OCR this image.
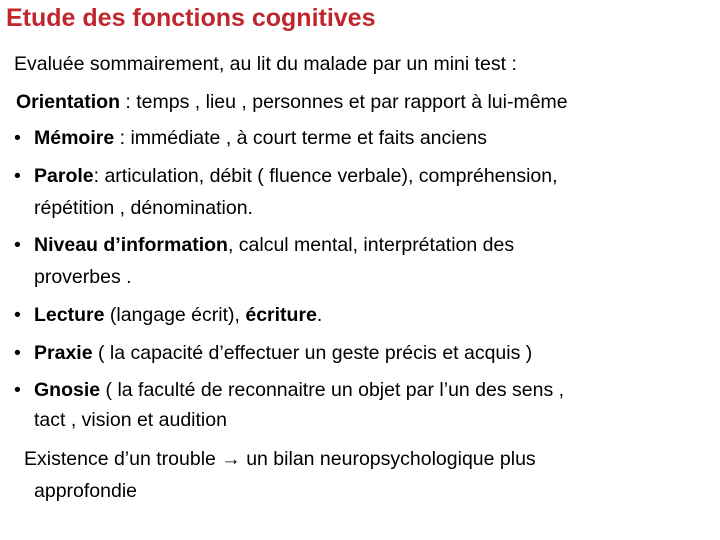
Etude des fonctions cognitives
Evaluée sommairement, au lit du malade par un mini test :
Orientation : temps , lieu , personnes et par rapport à lui-même
• Mémoire : immédiate , à court terme et faits anciens
• Parole: articulation, débit ( fluence verbale), compréhension,
répétition , dénomination.
• Niveau d’information, calcul mental, interprétation des
proverbes .
• Lecture (langage écrit), écriture.
• Praxie ( la capacité d’effectuer un geste précis et acquis )
• Gnosie ( la faculté de reconnaitre un objet par l’un des sens ,
tact , vision et audition
Existence d’un trouble → un bilan neuropsychologique plus
approfondie
